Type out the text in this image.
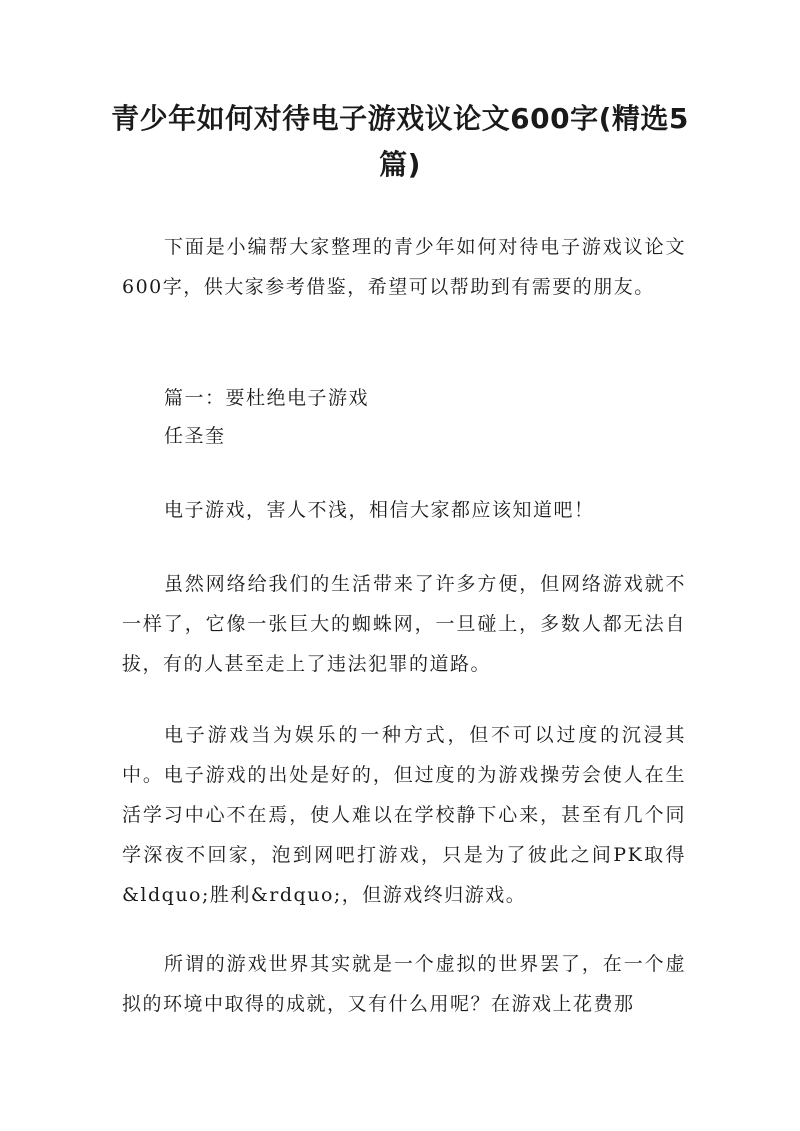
青少年如何对待电子游戏议论文600字(精选5篇)
下面是小编帮大家整理的青少年如何对待电子游戏议论文600字，供大家参考借鉴，希望可以帮助到有需要的朋友。
篇一：要杜绝电子游戏
任圣奎
电子游戏，害人不浅，相信大家都应该知道吧！
虽然网络给我们的生活带来了许多方便，但网络游戏就不一样了，它像一张巨大的蜘蛛网，一旦碰上，多数人都无法自拔，有的人甚至走上了违法犯罪的道路。
电子游戏当为娱乐的一种方式，但不可以过度的沉浸其中。电子游戏的出处是好的，但过度的为游戏操劳会使人在生活学习中心不在焉，使人难以在学校静下心来，甚至有几个同学深夜不回家，泡到网吧打游戏，只是为了彼此之间PK取得&ldquo;胜利&rdquo;，但游戏终归游戏。
所谓的游戏世界其实就是一个虚拟的世界罢了，在一个虚拟的环境中取得的成就，又有什么用呢？在游戏上花费那
